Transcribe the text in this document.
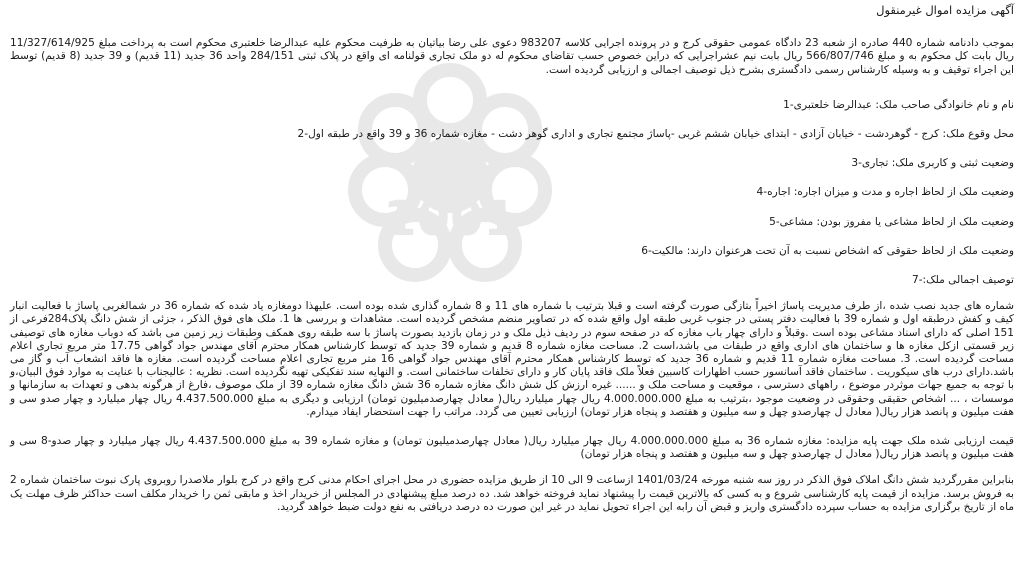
1001

آگهی مزایده اموال غیرمنقول

بموجب دادنامه شماره 440 صادره از شعبه 23 دادگاه عمومی حقوقی کرج و در پرونده اجرایی کلاسه 983207 دعوی علی رضا بیاتیان به طرفیت محکوم علیه عبدالرضا خلعتبری محکوم است به پرداخت مبلغ 11/327/614/925 ریال بابت کل محکوم به و مبلغ 566/807/746 ریال بابت نیم عشراجرایی که دراین خصوص حسب تقاضای محکوم له دو ملک تجاری قولنامه ای واقع در پلاک ثبتی 284/151 واحد 36 جدید (11 قدیم) و 39 جدید (8 قدیم) توسط این اجراء توقیف و به وسیله کارشناس رسمی دادگستری بشرح ذیل توصیف اجمالی و ارزیابی گردیده است.

نام و نام خانوادگی صاحب ملک: عبدالرضا خلعتبری-1

محل وقوع ملک: کرج - گوهردشت - خیابان آزادی - ابتدای خیابان ششم غربی -پاساژ مجتمع تجاری و اداری گوهر دشت - مغازه شماره 36 و 39 واقع در طبقه اول-2

وضعیت ثبتی و کاربری ملک: تجاری-3

وضعیت ملک از لحاظ اجاره و مدت و میزان اجاره: اجاره-4

وضعیت ملک از لحاظ مشاعی یا مفروز بودن: مشاعی-5

وضعیت ملک از لحاظ حقوقی که اشخاص نسبت به آن تحت هرعنوان دارند: مالکیت-6

توصیف اجمالی ملک:-7

شماره های جدید نصب شده ،از طرف مدیریت پاساژ اخیراً بتازگی صورت گرفته است و قبلا بترتیب با شماره های 11 و 8 شماره گذاری شده بوده است. علیهذا دومغازه یاد شده که شماره 36 در شمالغربی پاساژ با فعالیت انبار کیف و کفش درطبقه اول و شماره 39 با فعالیت دفتر پستی در جنوب غربی طبقه اول واقع شده که در تصاویر منضم مشخص گردیده است. مشاهدات و بررسی ها 1. ملک های فوق الذکر ، جزئی از شش دانگ پلاک284فرعی از 151 اصلی که دارای اسناد مشاعی بوده است .وقبلاً و دارای چهار باب مغازه که در صفحه سوم در ردیف ذیل ملک و در زمان بازدید بصورت پاساژ با سه طبقه روی همکف وطبقات زیر زمین می باشد که دوباب مغازه های توصیفی زیر قسمتی ازکل مغازه ها و ساختمان های اداری واقع در طبقات می باشد،است 2. مساحت مغازه شماره 8 قدیم و شماره 39 جدید که توسط کارشناس همکار محترم آقای مهندس جواد گواهی 17.75 متر مربع تجاری اعلام مساحت گردیده است. 3. مساحت مغازه شماره 11 قدیم و شماره 36 جدید که توسط کارشناس همکار محترم آقای مهندس جواد گواهی 16 متر مربع تجاری اعلام مساحت گردیده است. مغازه ها فاقد انشعاب آب و گاز می باشد.دارای درب های سیکوریت . ساختمان فاقد آسانسور حسب اظهارات کاسبین فعلاً ملک فاقد پایان کار و دارای تخلفات ساختمانی است. و النهایه سند تفکیکی تهیه نگردیده است. نظریه : عالیجناب با عنایت به موارد فوق البیان،و با توجه به جمیع جهات موثردر موضوع ، راههای دسترسی ، موقعیت و مساحت ملک و ...... غیره ارزش کل شش دانگ مغازه شماره 36 شش دانگ مغازه شماره 39 از ملک موصوف ،فارغ از هرگونه بدهی و تعهدات به سازمانها و موسسات ، ... اشخاص حقیقی وحقوقی در وضعیت موجود ،بترتیب به مبلغ 4.000.000.000 ریال چهار میلیارد ریال( معادل چهارصدمیلیون تومان) ارزیابی و دیگری به مبلغ 4.437.500.000 ریال چهار میلیارد و چهار صدو سی و هفت میلیون و پانصد هزار ریال( معادل ل چهارصدو چهل و سه میلیون و هفتصد و پنجاه هزار تومان) ارزیابی تعیین می گردد. مراتب را جهت استحضار ایفاد میدارم.

قیمت ارزیابی شده ملک جهت پایه مزایده: مغازه شماره 36 به مبلغ 4.000.000.000 ریال چهار میلیارد ریال( معادل چهارصدمیلیون تومان) و مغازه شماره 39 به مبلغ 4.437.500.000 ریال چهار میلیارد و چهار صدو-8 سی و هفت میلیون و پانصد هزار ریال( معادل ل چهارصدو چهل و سه میلیون و هفتصد و پنجاه هزار تومان)

بنابراین مقررگردید شش دانگ املاک فوق الذکر در روز سه شنبه مورخه 1401/03/24 ازساعت 9 الی 10 از طریق مزایده حضوری در محل اجرای احکام مدنی کرج واقع در کرج بلوار ملاصدرا روبروی پارک نبوت ساختمان شماره 2 به فروش برسد. مزایده از قیمت پایه کارشناسی شروع و به کسی که بالاترین قیمت را پیشنهاد نماید فروخته خواهد شد. ده درصد مبلغ پیشنهادی در المجلس از خریدار اخذ و مابقی ثمن را خریدار مکلف است حداکثر ظرف مهلت یک ماه از تاریخ برگزاری مزایده به حساب سپرده دادگستری واریز و قبض آن رابه این اجراء تحویل نماید در غیر این صورت ده درصد دریافتی به نفع دولت ضبط خواهد گردید.
